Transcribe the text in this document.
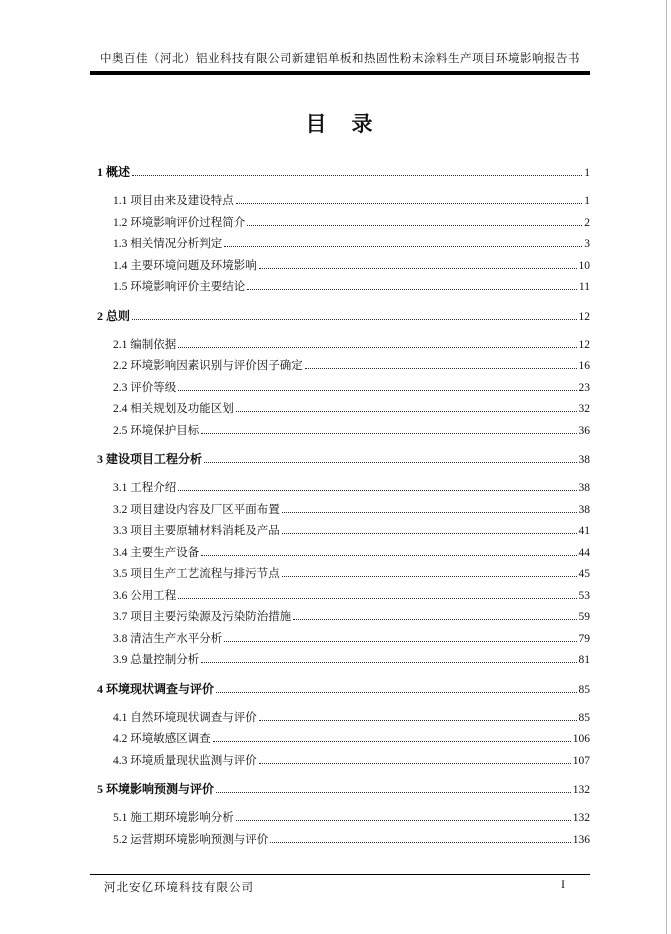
中奥百佳（河北）铝业科技有限公司新建铝单板和热固性粉末涂料生产项目环境影响报告书
目　录
1 概述	1
1.1 项目由来及建设特点	1
1.2 环境影响评价过程简介	2
1.3 相关情况分析判定	3
1.4 主要环境问题及环境影响	10
1.5 环境影响评价主要结论	11
2 总则	12
2.1 编制依据	12
2.2 环境影响因素识别与评价因子确定	16
2.3 评价等级	23
2.4 相关规划及功能区划	32
2.5 环境保护目标	36
3 建设项目工程分析	38
3.1 工程介绍	38
3.2 项目建设内容及厂区平面布置	38
3.3 项目主要原辅材料消耗及产品	41
3.4 主要生产设备	44
3.5 项目生产工艺流程与排污节点	45
3.6 公用工程	53
3.7 项目主要污染源及污染防治措施	59
3.8 清洁生产水平分析	79
3.9 总量控制分析	81
4 环境现状调查与评价	85
4.1 自然环境现状调查与评价	85
4.2 环境敏感区调查	106
4.3 环境质量现状监测与评价	107
5 环境影响预测与评价	132
5.1 施工期环境影响分析	132
5.2 运营期环境影响预测与评价	136
河北安亿环境科技有限公司	I
